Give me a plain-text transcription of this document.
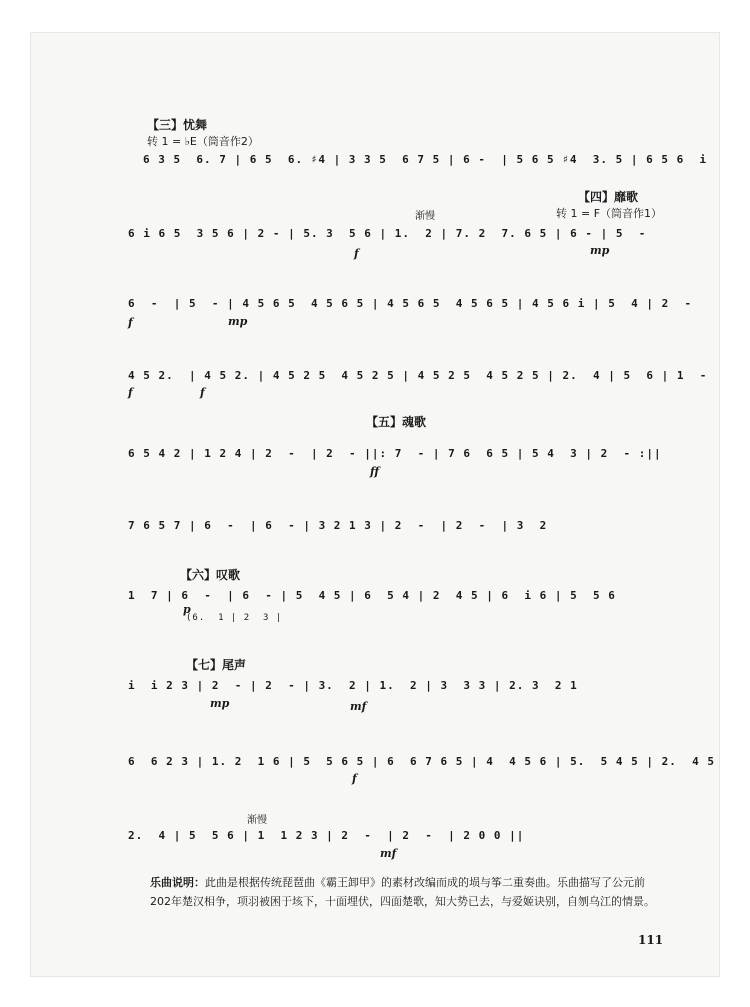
【三】忧舞
转 1 = ♭E（筒音作2）
【四】靡歌
转 1 = F（筒音作1）
【五】魂歌
【六】叹歌
【七】尾声
渐慢
渐慢
6 3 5  6. 7 | 6 5  6. ♯4 | 3 3 5  6 7 5 | 6 -  | 5 6 5 ♯4  3. 5 | 6 5 6  i
6 i 6 5  3 5 6 | 2 - | 5. 3  5 6 | 1.  2 | 7. 2  7. 6 5 | 6 - | 5  -
f	mp
6  -  | 5  - | 4 5 6 5  4 5 6 5 | 4 5 6 5  4 5 6 5 | 4 5 6 i | 5  4 | 2  -
f	mp
4 5 2.  | 4 5 2. | 4 5 2 5  4 5 2 5 | 4 5 2 5  4 5 2 5 | 2.  4 | 5  6 | 1  -
f	f
6 5 4 2 | 1 2 4 | 2  -  | 2  - ||: 7  - | 7 6  6 5 | 5 4  3 | 2  - :||
ff
7 6 5 7 | 6  -  | 6  - | 3 2 1 3 | 2  -  | 2  -  | 3  2
1  7 | 6  -  | 6  - | 5  4 5 | 6  5 4 | 2  4 5 | 6  i 6 | 5  5 6
p
(6.  1 | 2  3 |
i  i 2 3 | 2  - | 2  - | 3.  2 | 1.  2 | 3  3 3 | 2. 3  2 1
mp	mf
6  6 2 3 | 1. 2  1 6 | 5  5 6 5 | 6  6 7 6 5 | 4  4 5 6 | 5.  5 4 5 | 2.  4 5
f
2.  4 | 5  5 6 | 1  1 2 3 | 2  -  | 2  -  | 2 0 0 ||
mf
乐曲说明：此曲是根据传统琵琶曲《霸王卸甲》的素材改编而成的埙与筝二重奏曲。乐曲描写了公元前202年楚汉相争，项羽被困于垓下，十面埋伏，四面楚歌，知大势已去，与爱姬诀别，自刎乌江的情景。
111
